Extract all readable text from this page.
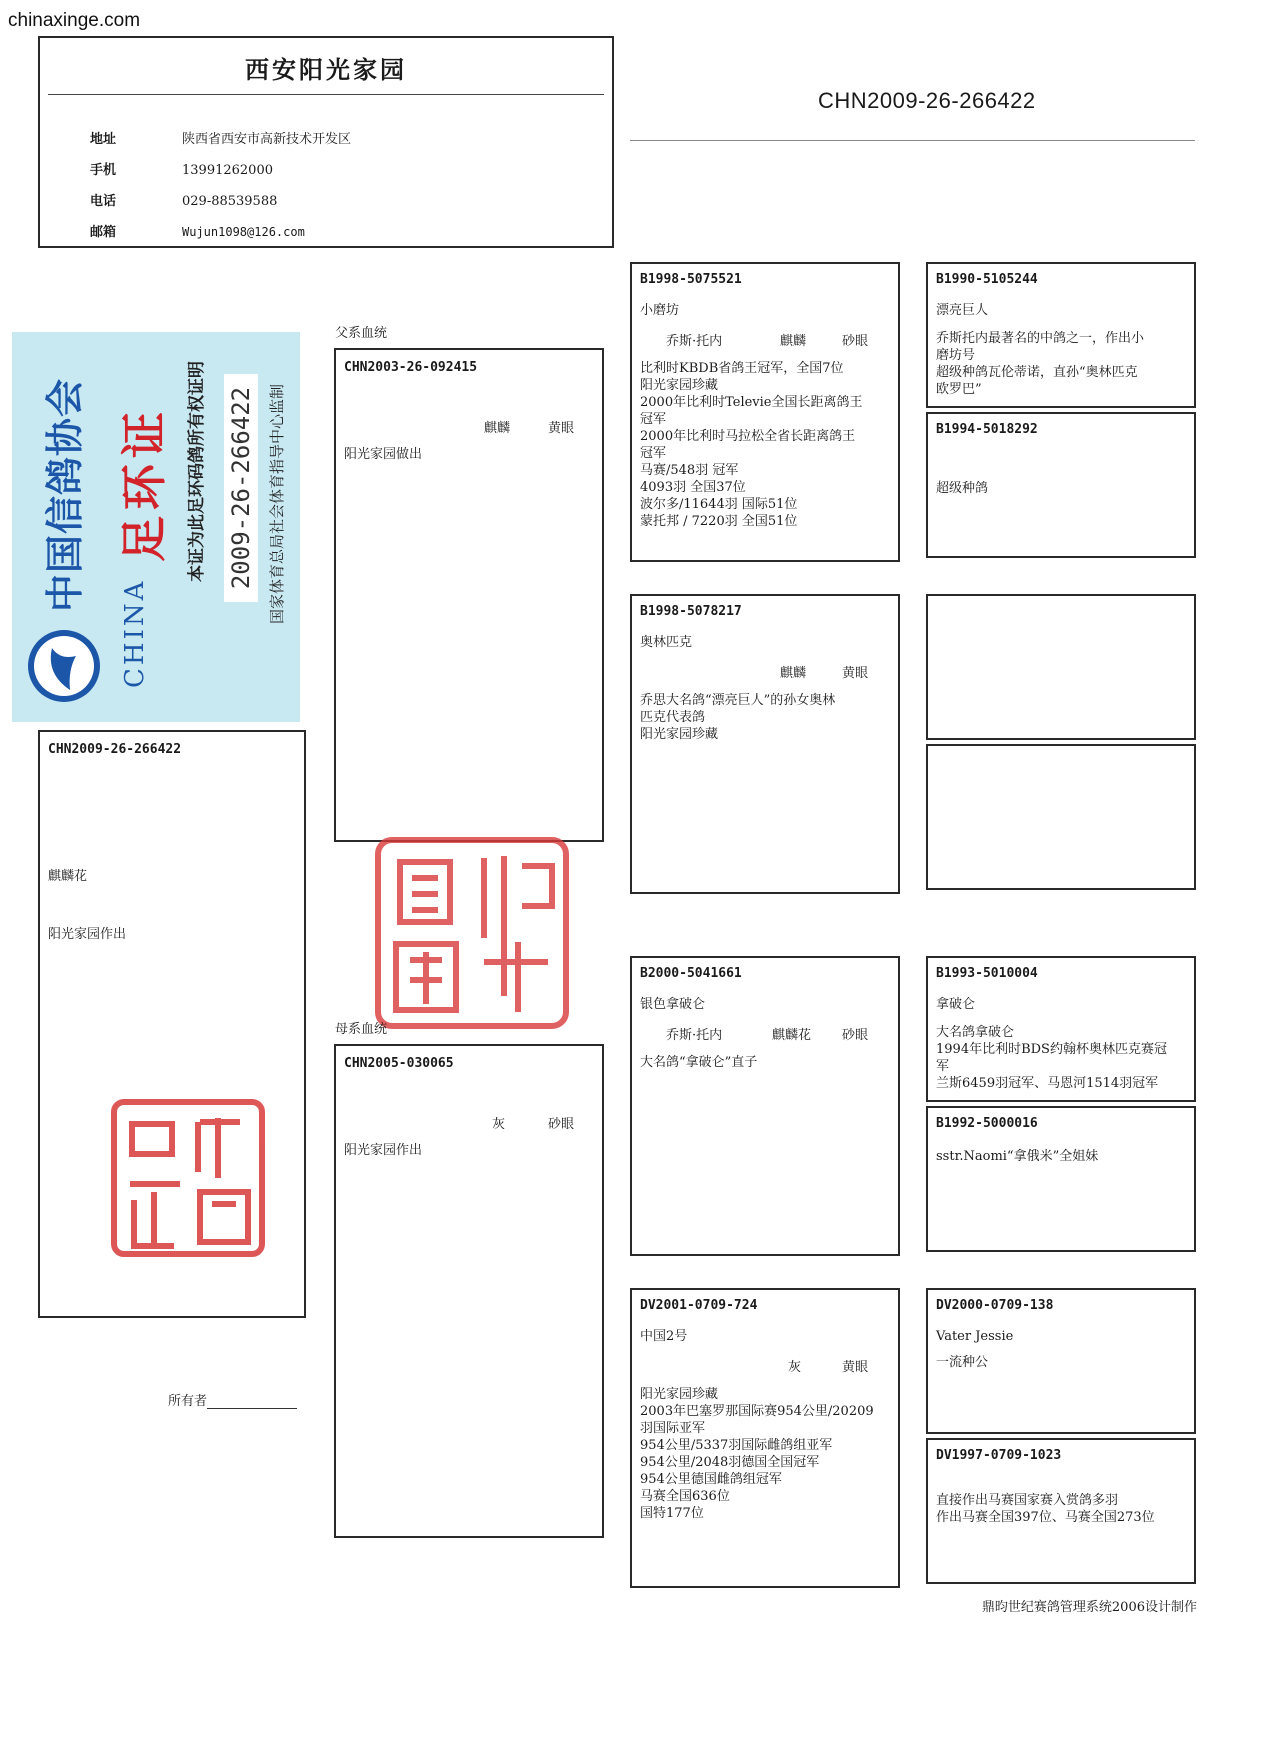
chinaxinge.com
西安阳光家园
地址	陕西省西安市高新技术开发区
手机	13991262000
电话	029-88539588
邮箱	Wujun1098@126.com
CHN2009-26-266422
中国信鸽协会
CHINA
足环证 本证为此足环码鸽所有权证明 2009-26-266422 国家体育总局社会体育指导中心监制
CHN2009-26-266422
麒麟花
阳光家园作出
所有者
父系血统
CHN2003-26-092415
麒麟	黄眼
阳光家园做出
母系血统
CHN2005-030065
灰	砂眼
阳光家园作出
B1998-5075521
小磨坊
乔斯·托内	麒麟	砂眼
比利时KBDB省鸽王冠军，全国7位
阳光家园珍藏
2000年比利时Televie全国长距离鸽王
冠军
2000年比利时马拉松全省长距离鸽王
冠军
马赛/548羽 冠军
4093羽 全国37位
波尔多/11644羽 国际51位
蒙托邦 / 7220羽 全国51位
B1998-5078217
奥林匹克
麒麟	黄眼
乔思大名鸽“漂亮巨人”的孙女奥林
匹克代表鸽
阳光家园珍藏
B2000-5041661
银色拿破仑
乔斯·托内	麒麟花 砂眼
大名鸽“拿破仑”直子
DV2001-0709-724
中国2号
灰	黄眼
阳光家园珍藏
2003年巴塞罗那国际赛954公里/20209
羽国际亚军
954公里/5337羽国际雌鸽组亚军
954公里/2048羽德国全国冠军
954公里德国雌鸽组冠军
马赛全国636位
国特177位
B1990-5105244
漂亮巨人
乔斯托内最著名的中鸽之一，作出小
磨坊号
超级种鸽瓦伦蒂诺，直孙“奥林匹克
欧罗巴”
B1994-5018292
超级种鸽
B1993-5010004
拿破仑
大名鸽拿破仑
1994年比利时BDS约翰杯奥林匹克赛冠
军
兰斯6459羽冠军、马恩河1514羽冠军
B1992-5000016
sstr.Naomi“拿俄米”全姐妹
DV2000-0709-138
Vater Jessie
一流种公
DV1997-0709-1023
直接作出马赛国家赛入赏鸽多羽
作出马赛全国397位、马赛全国273位
鼎昀世纪赛鸽管理系统2006设计制作
